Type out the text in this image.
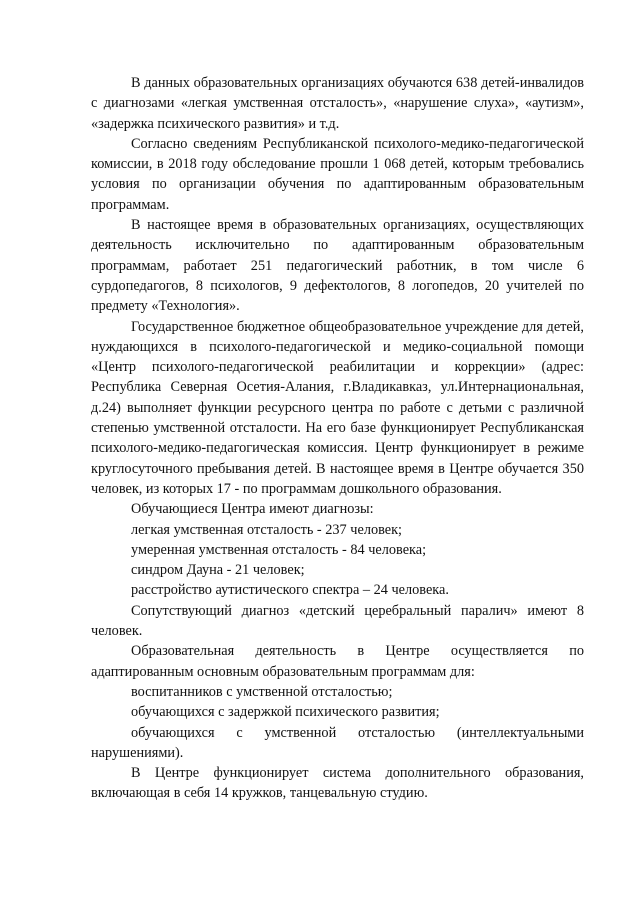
В данных образовательных организациях обучаются 638 детей-инвалидов с диагнозами «легкая умственная отсталость», «нарушение слуха», «аутизм», «задержка психического развития» и т.д.

Согласно сведениям Республиканской психолого-медико-педагогической комиссии, в 2018 году обследование прошли 1 068 детей, которым требовались условия по организации обучения по адаптированным образовательным программам.

В настоящее время в образовательных организациях, осуществляющих деятельность исключительно по адаптированным образовательным программам, работает 251 педагогический работник, в том числе 6 сурдопедагогов, 8 психологов, 9 дефектологов, 8 логопедов, 20 учителей по предмету «Технология».

Государственное бюджетное общеобразовательное учреждение для детей, нуждающихся в психолого-педагогической и медико-социальной помощи «Центр психолого-педагогической реабилитации и коррекции» (адрес: Республика Северная Осетия-Алания, г.Владикавказ, ул.Интернациональная, д.24) выполняет функции ресурсного центра по работе с детьми с различной степенью умственной отсталости. На его базе функционирует Республиканская психолого-медико-педагогическая комиссия. Центр функционирует в режиме круглосуточного пребывания детей. В настоящее время в Центре обучается 350 человек, из которых 17 - по программам дошкольного образования.

Обучающиеся Центра имеют диагнозы:

легкая умственная отсталость - 237 человек;

умеренная умственная отсталость - 84 человека;

синдром Дауна - 21 человек;

расстройство аутистического спектра – 24 человека.

Сопутствующий диагноз «детский церебральный паралич» имеют 8 человек.

Образовательная деятельность в Центре осуществляется по адаптированным основным образовательным программам для:

воспитанников с умственной отсталостью;

обучающихся с задержкой психического развития;

обучающихся с умственной отсталостью (интеллектуальными нарушениями).

В Центре функционирует система дополнительного образования, включающая в себя 14 кружков, танцевальную студию.
